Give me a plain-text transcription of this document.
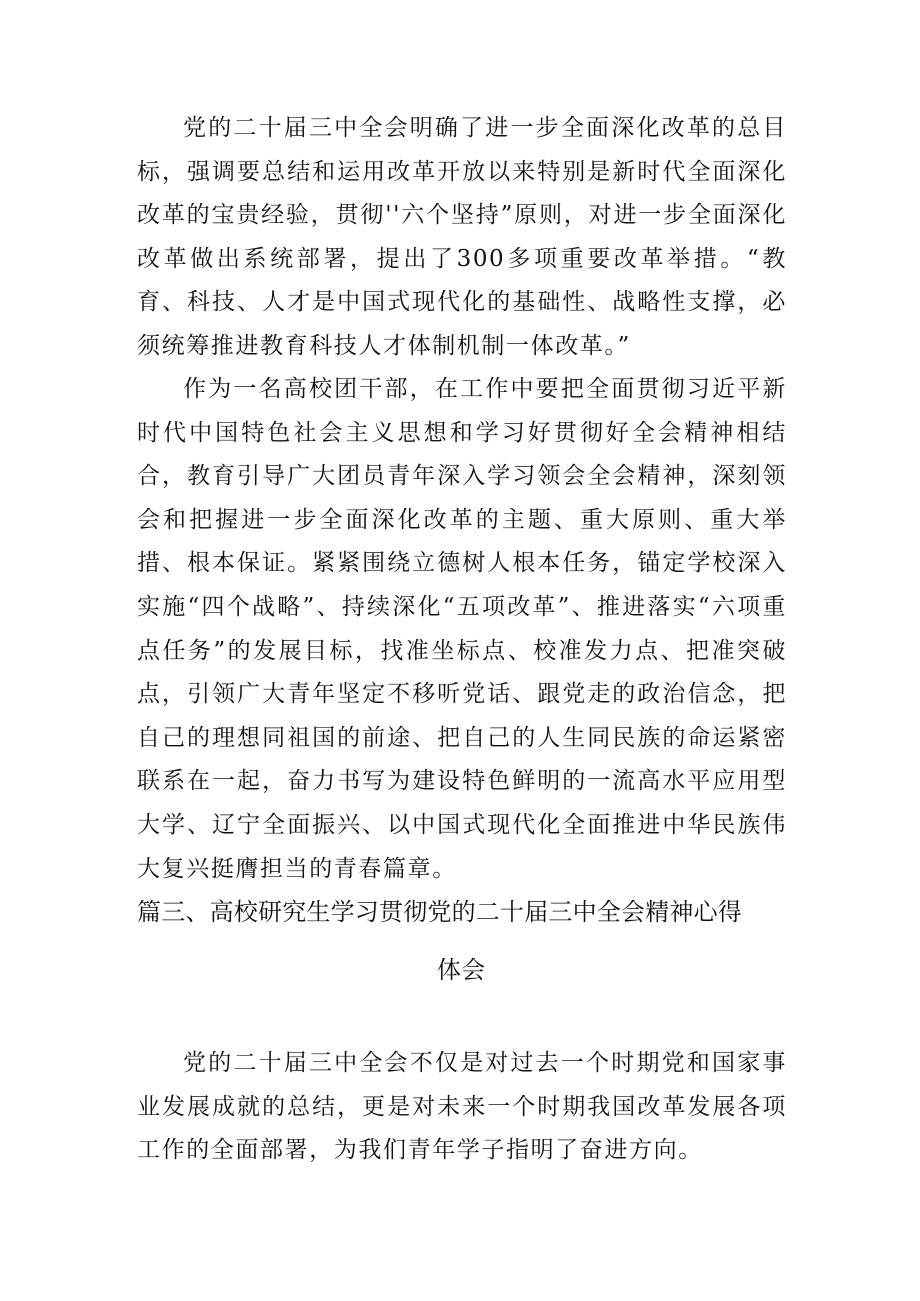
党的二十届三中全会明确了进一步全面深化改革的总目标，强调要总结和运用改革开放以来特别是新时代全面深化改革的宝贵经验，贯彻''六个坚持”原则，对进一步全面深化改革做出系统部署，提出了300多项重要改革举措。“教育、科技、人才是中国式现代化的基础性、战略性支撑，必须统筹推进教育科技人才体制机制一体改革。”

作为一名高校团干部，在工作中要把全面贯彻习近平新时代中国特色社会主义思想和学习好贯彻好全会精神相结合，教育引导广大团员青年深入学习领会全会精神，深刻领会和把握进一步全面深化改革的主题、重大原则、重大举措、根本保证。紧紧围绕立德树人根本任务，锚定学校深入实施“四个战略”、持续深化“五项改革”、推进落实“六项重点任务”的发展目标，找准坐标点、校准发力点、把准突破点，引领广大青年坚定不移听党话、跟党走的政治信念，把自己的理想同祖国的前途、把自己的人生同民族的命运紧密联系在一起，奋力书写为建设特色鲜明的一流高水平应用型大学、辽宁全面振兴、以中国式现代化全面推进中华民族伟大复兴挺膺担当的青春篇章。

篇三、高校研究生学习贯彻党的二十届三中全会精神心得
体会

党的二十届三中全会不仅是对过去一个时期党和国家事业发展成就的总结，更是对未来一个时期我国改革发展各项工作的全面部署，为我们青年学子指明了奋进方向。
